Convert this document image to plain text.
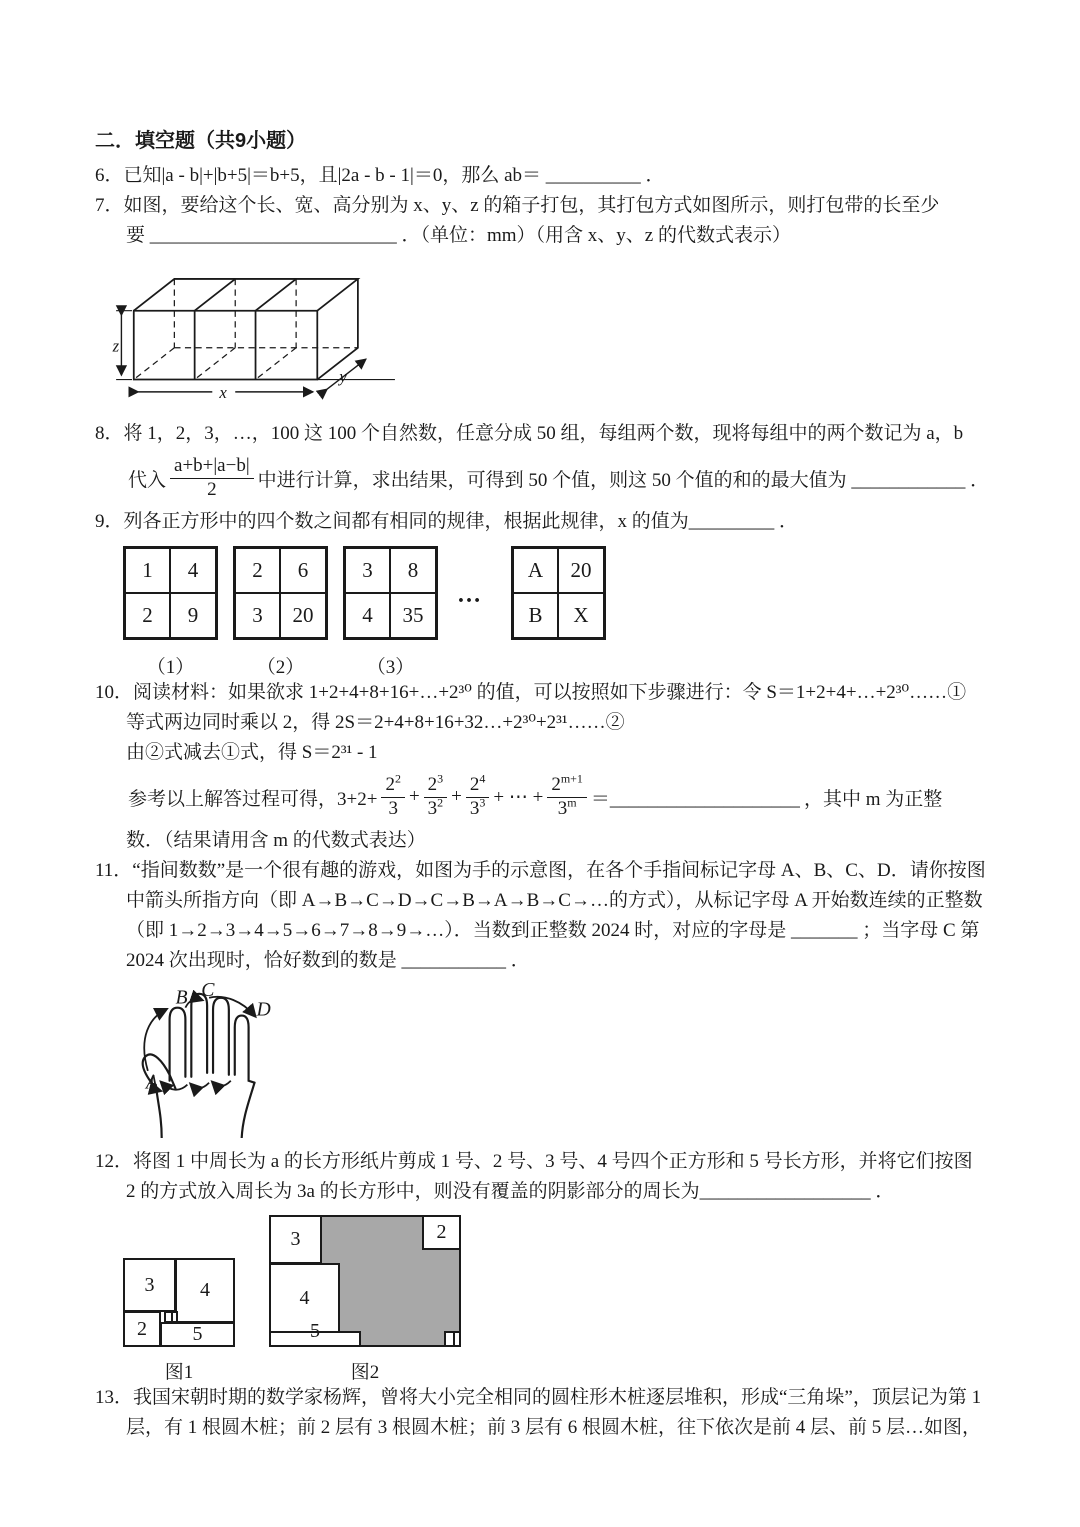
二．填空题（共9小题）
6．已知|a - b|+|b+5|＝b+5，且|2a - b - 1|＝0，那么 ab＝ __________ ．
7．如图，要给这个长、宽、高分别为 x、y、z 的箱子打包，其打包方式如图所示，则打包带的长至少
要 __________________________ ．（单位：mm）（用含 x、y、z 的代数式表示）
z
x
y
8．将 1，2，3，…，100 这 100 个自然数，任意分成 50 组，每组两个数，现将每组中的两个数记为 a，b
代入 $\frac{a+b+|a-b|}{2}$ 中进行计算，求出结果，可得到 50 个值，则这 50 个值的和的最大值为 ____________ ．
9．列各正方形中的四个数之间都有相同的规律，根据此规律，x 的值为_________ ．
1	4
2	9
（1）
2	6
3	20
（2）
3	8
4	35
（3）
…
A	20
B	X
10．阅读材料：如果欲求 1+2+4+8+16+…+2³⁰ 的值，可以按照如下步骤进行：令 S＝1+2+4+…+2³⁰……①
等式两边同时乘以 2，得 2S＝2+4+8+16+32…+2³⁰+2³¹……②
由②式减去①式，得 S＝2³¹ - 1
参考以上解答过程可得，$3+2+ \frac{2^2}{3} + \frac{2^3}{3^2} + \frac{2^4}{3^3}$ + ⋯ + $\frac{2^{m+1}}{3^m}$ ＝____________________ ，其中 m 为正整
数．（结果请用含 m 的代数式表达）
11．“指间数数”是一个很有趣的游戏，如图为手的示意图，在各个手指间标记字母 A、B、C、D．请你按图
中箭头所指方向（即 A→B→C→D→C→B→A→B→C→…的方式），从标记字母 A 开始数连续的正整数
（即 1→2→3→4→5→6→7→8→9→…）．当数到正整数 2024 时，对应的字母是 _______ ；当字母 C 第
2024 次出现时，恰好数到的数是 ___________ ．
A
B C
D
12．将图 1 中周长为 a 的长方形纸片剪成 1 号、2 号、3 号、4 号四个正方形和 5 号长方形，并将它们按图
2 的方式放入周长为 3a 的长方形中，则没有覆盖的阴影部分的周长为__________________ ．
3	4
2	5
图1
3	2
4
5
图2
13．我国宋朝时期的数学家杨辉，曾将大小完全相同的圆柱形木桩逐层堆积，形成“三角垛”，顶层记为第 1
层，有 1 根圆木桩；前 2 层有 3 根圆木桩；前 3 层有 6 根圆木桩，往下依次是前 4 层、前 5 层…如图，
